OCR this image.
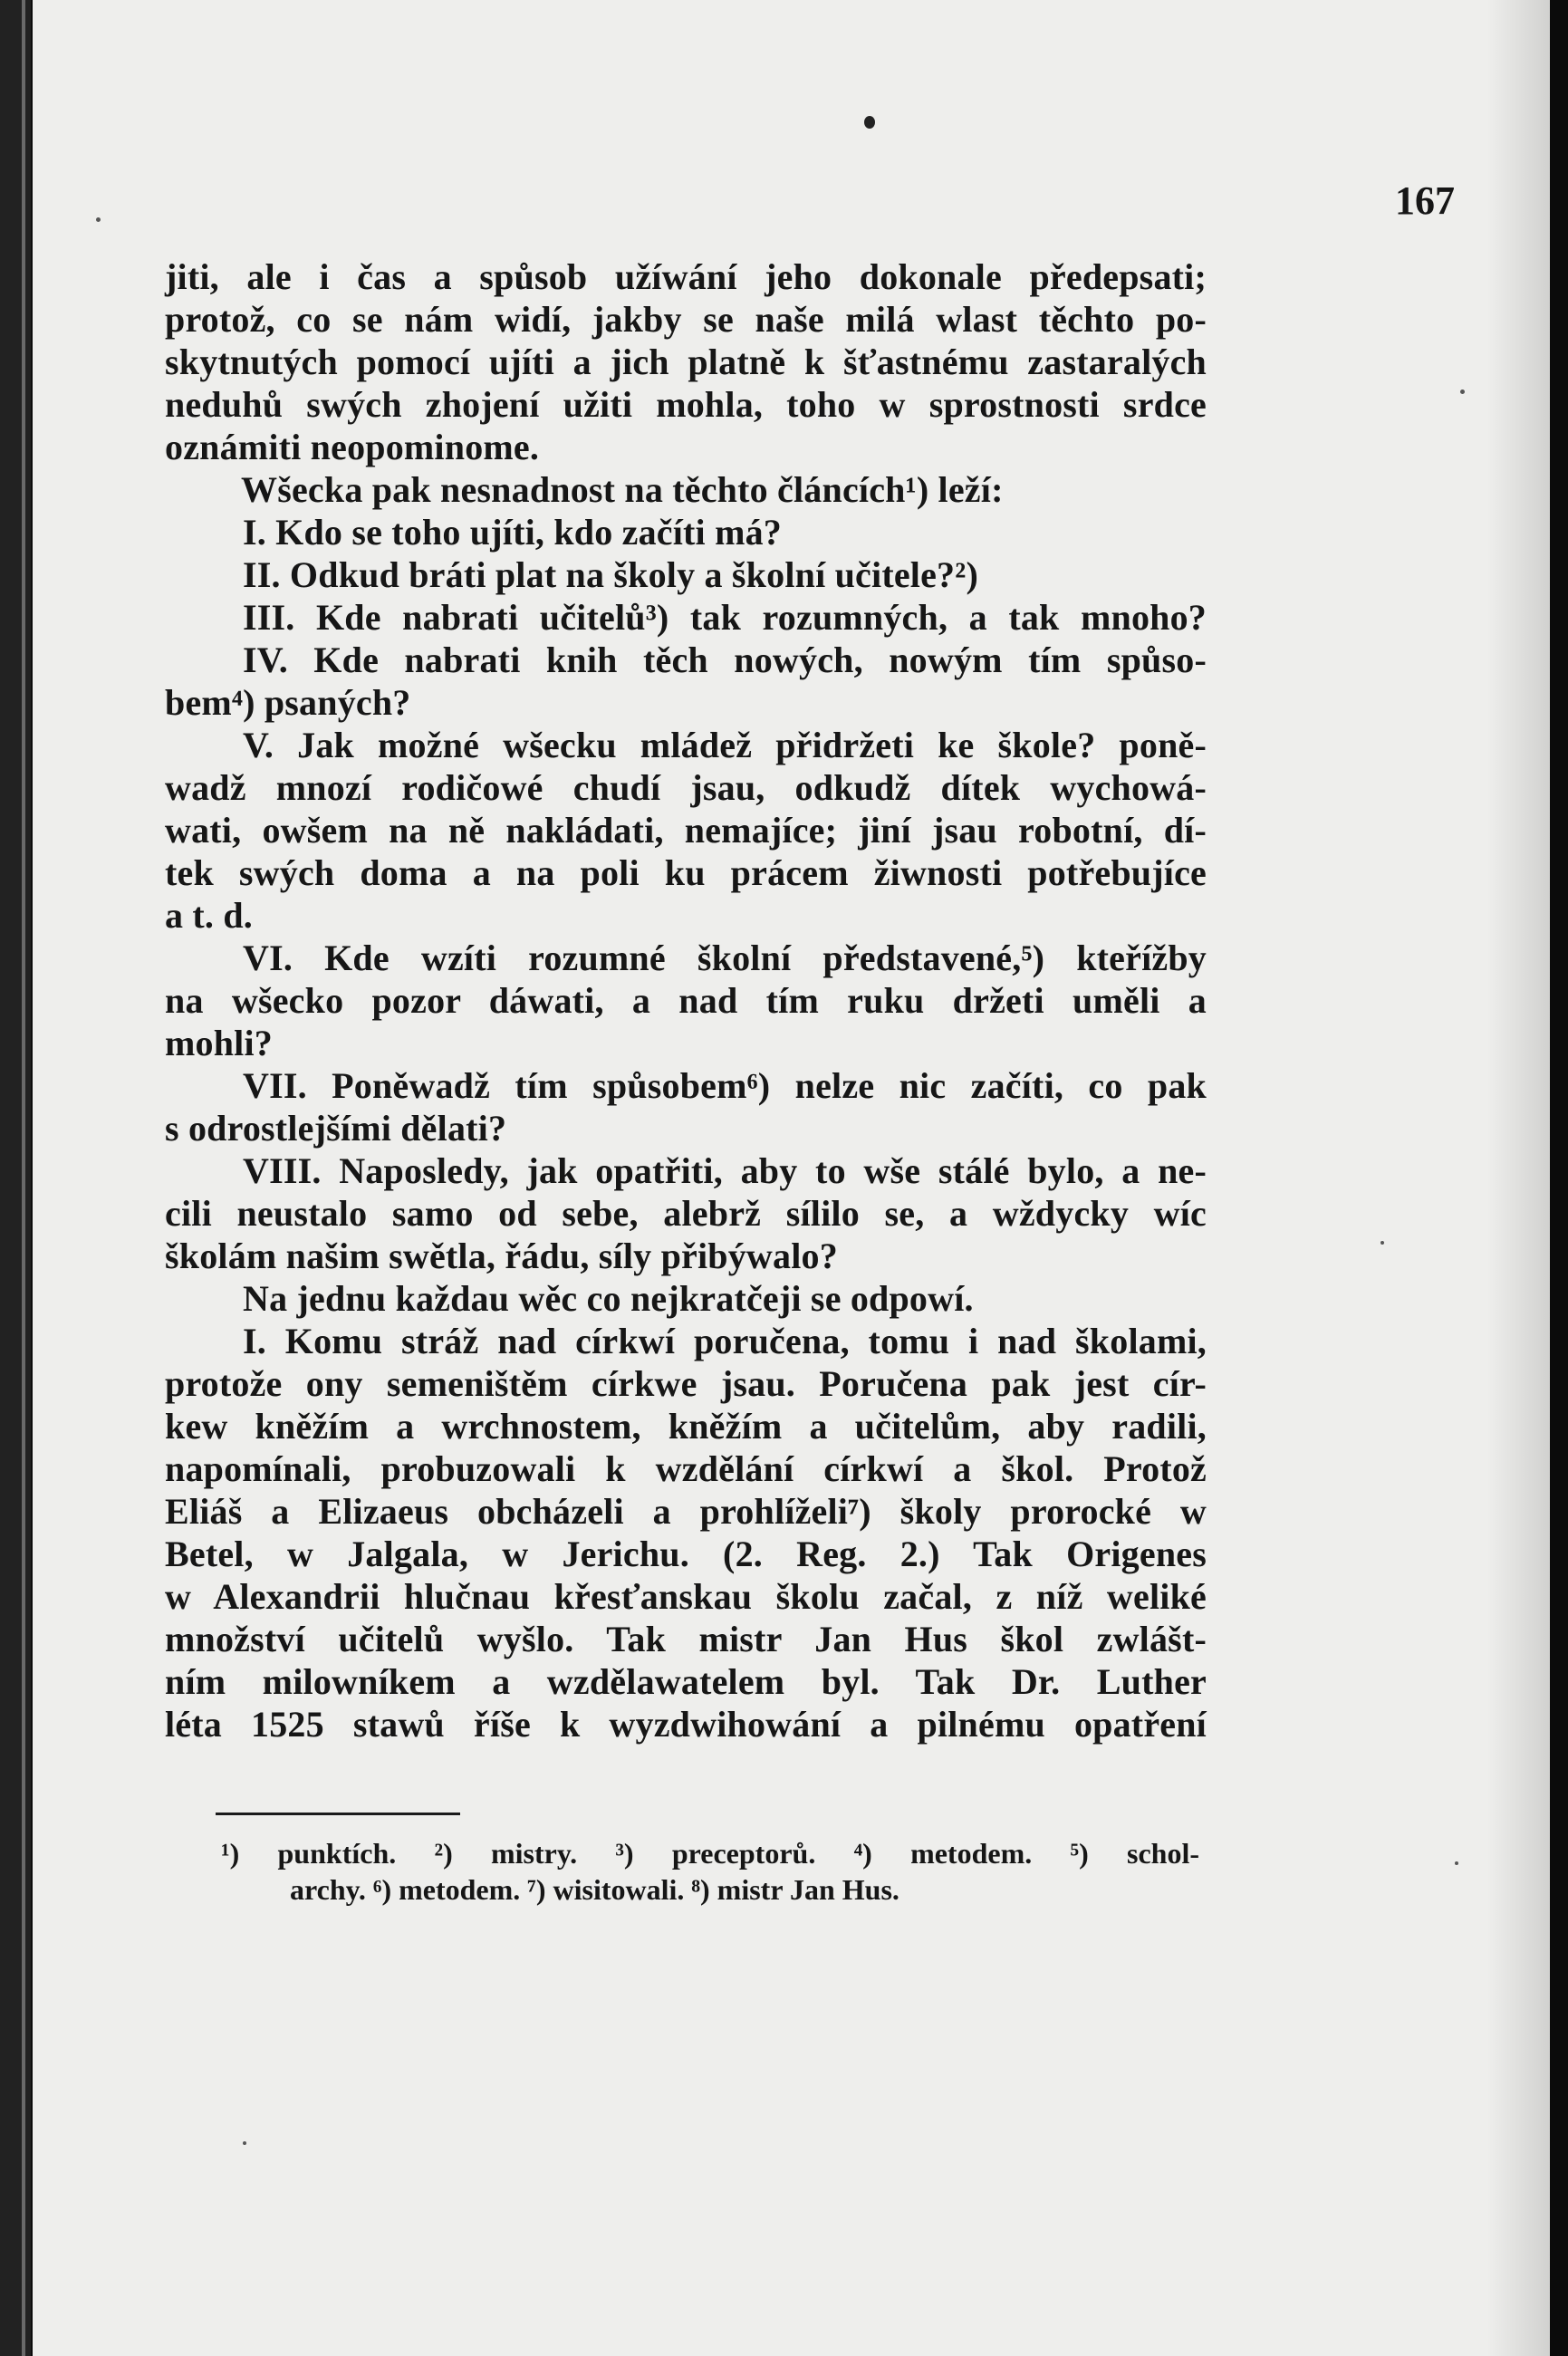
167
jiti, ale i čas a spůsob užíwání jeho dokonale předepsati;
protož, co se nám widí, jakby se naše milá wlast těchto po-
skytnutých pomocí ujíti a jich platně k šťastnému zastaralých
neduhů swých zhojení užiti mohla, toho w sprostnosti srdce
oznámiti neopominome.
Wšecka pak nesnadnost na těchto článcích¹) leží:
I. Kdo se toho ujíti, kdo začíti má?
II. Odkud bráti plat na školy a školní učitele?²)
III. Kde nabrati učitelů³) tak rozumných, a tak mnoho?
IV. Kde nabrati knih těch nowých, nowým tím spůso-
bem⁴) psaných?
V. Jak možné wšecku mládež přidržeti ke škole? poně-
wadž mnozí rodičowé chudí jsau, odkudž dítek wychowá-
wati, owšem na ně nakládati, nemajíce; jiní jsau robotní, dí-
tek swých doma a na poli ku prácem žiwnosti potřebujíce
a t. d.
VI. Kde wzíti rozumné školní představené,⁵) kteřížby
na wšecko pozor dáwati, a nad tím ruku držeti uměli a
mohli?
VII. Poněwadž tím spůsobem⁶) nelze nic začíti, co pak
s odrostlejšími dělati?
VIII. Naposledy, jak opatřiti, aby to wše stálé bylo, a ne-
cili neustalo samo od sebe, alebrž sílilo se, a wždycky wíc
školám našim swětla, řádu, síly přibýwalo?
Na jednu každau wěc co nejkratčeji se odpowí.
I. Komu stráž nad církwí poručena, tomu i nad školami,
protože ony semeništěm církwe jsau. Poručena pak jest cír-
kew kněžím a wrchnostem, kněžím a učitelům, aby radili,
napomínali, probuzowali k wzdělání církwí a škol. Protož
Eliáš a Elizaeus obcházeli a prohlíželi⁷) školy prorocké w
Betel, w Jalgala, w Jerichu. (2. Reg. 2.) Tak Origenes
w Alexandrii hlučnau křesťanskau školu začal, z níž weliké
množství učitelů wyšlo. Tak mistr Jan Hus škol zwlášt-
ním milowníkem a wzdělawatelem byl. Tak Dr. Luther
léta 1525 stawů říše k wyzdwihowání a pilnému opatření
¹) punktích. ²) mistry. ³) preceptorů. ⁴) metodem. ⁵) schol-
archy. ⁶) metodem. ⁷) wisitowali. ⁸) mistr Jan Hus.
